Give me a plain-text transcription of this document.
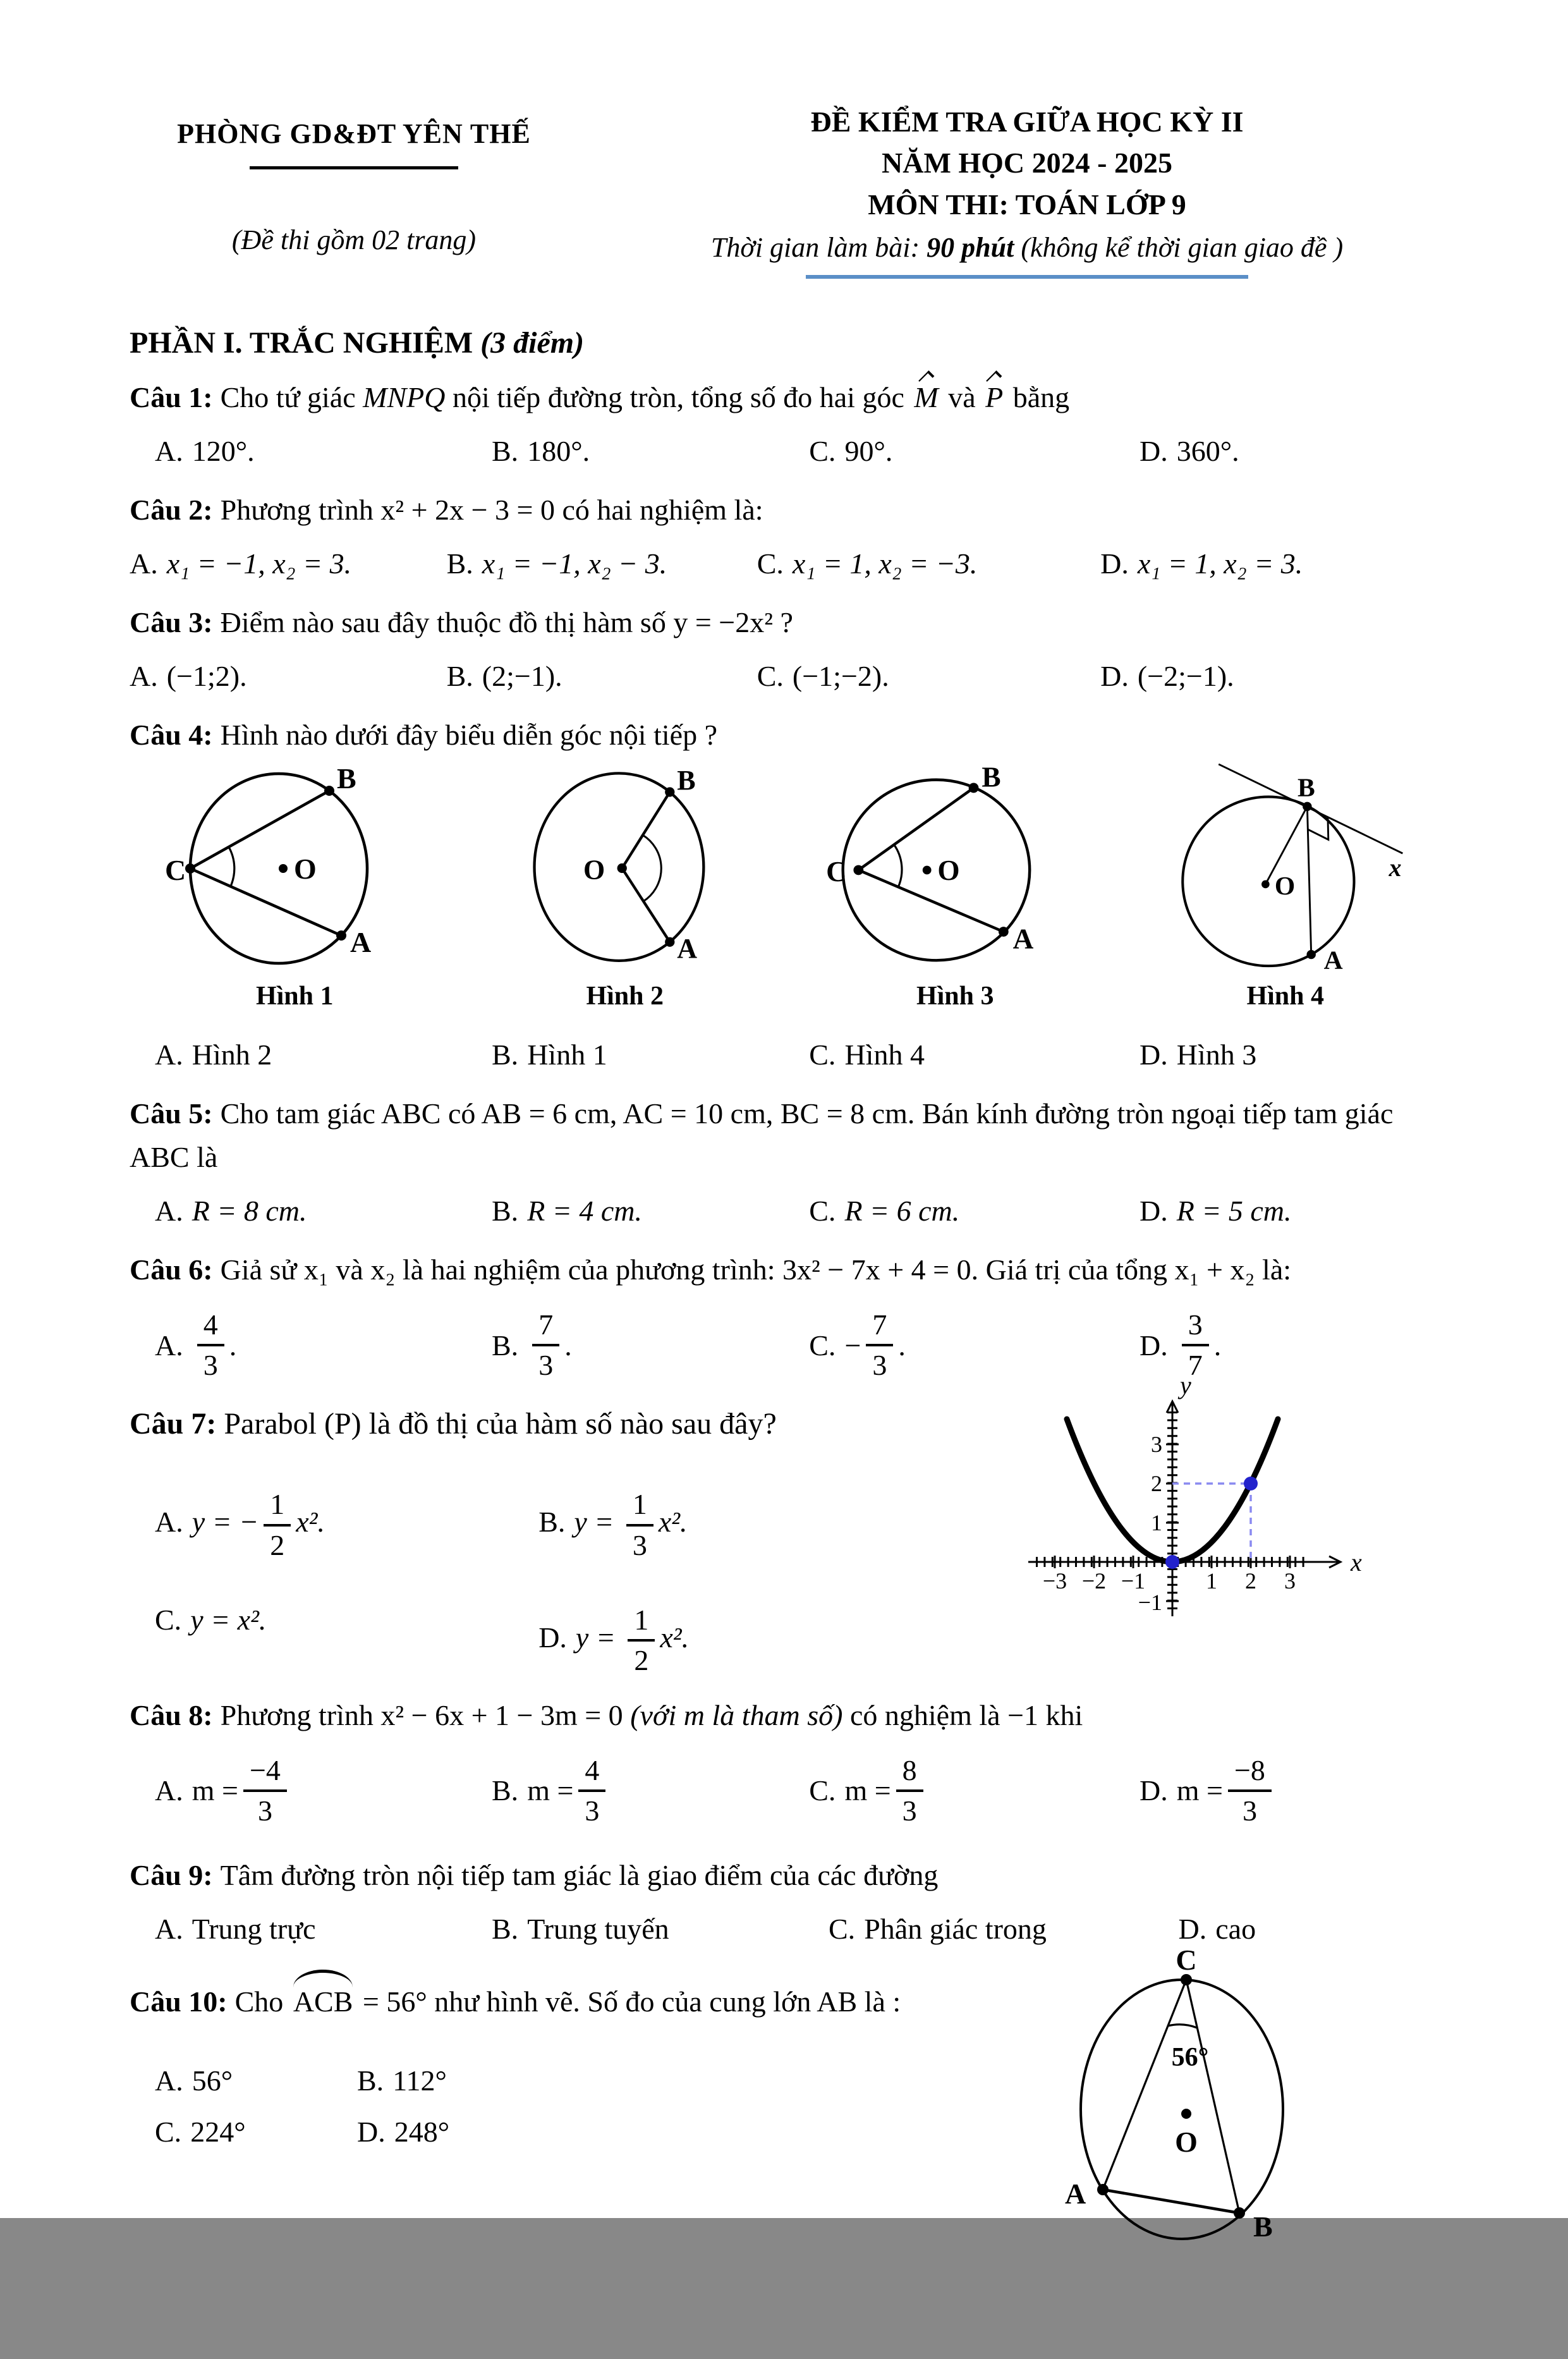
PHÒNG GD&ĐT YÊN THẾ
(Đề thi gồm 02 trang)
ĐỀ KIỂM TRA GIỮA HỌC KỲ II
NĂM HỌC 2024 - 2025
MÔN THI: TOÁN LỚP 9
Thời gian làm bài: 90 phút (không kể thời gian giao đề )
PHẦN I. TRẮC NGHIỆM (3 điểm)

Câu 1: Cho tứ giác MNPQ nội tiếp đường tròn, tổng số đo hai góc M và P bằng

A. 120°.	B. 180°.	C. 90°.	D. 360°.

Câu 2: Phương trình x² + 2x − 3 = 0 có hai nghiệm là:

A. x₁ = −1, x₂ = 3.	B. x₁ = −1, x₂ − 3.	C. x₁ = 1, x₂ = −3.	D. x₁ = 1, x₂ = 3.

Câu 3: Điểm nào sau đây thuộc đồ thị hàm số y = −2x² ?

A. (−1;2).	B. (2;−1).	C. (−1;−2).	D. (−2;−1).

Câu 4: Hình nào dưới đây biểu diễn góc nội tiếp ?

C
B
A
O
Hình 1
O
B
A
Hình 2
C
B
A
O
Hình 3
B
A
O
x
Hình 4
A. Hình 2	B. Hình 1	C. Hình 4	D. Hình 3

Câu 5: Cho tam giác ABC có AB = 6 cm, AC = 10 cm, BC = 8 cm. Bán kính đường tròn ngoại tiếp tam giác ABC là

A. R = 8 cm.	B. R = 4 cm.	C. R = 6 cm.	D. R = 5 cm.

Câu 6: Giả sử x₁ và x₂ là hai nghiệm của phương trình: 3x² − 7x + 4 = 0. Giá trị của tổng x₁ + x₂ là:

A. $\frac{4}{3}$ .	B. $\frac{7}{3}$ .	C. − $\frac{7}{3}$ .	D. $\frac{3}{7}$ .

Câu 7: Parabol (P) là đồ thị của hàm số nào sau đây?

A. y = − $\frac{1}{2} x^2$.	B. $y = \frac{1}{3} x^2$.
C. y = x².
D. $y = \frac{1}{2} x^2$.
−3 −2 −1	1 2 3
3
2
1
−1
x
y

Câu 8: Phương trình x² − 6x + 1 − 3m = 0 (với m là tham số) có nghiệm là −1 khi

A. $m = \frac{-4}{3}$	B. $m = \frac{4}{3}$	C. $m = \frac{8}{3}$	D. $m = \frac{-8}{3}$

Câu 9: Tâm đường tròn nội tiếp tam giác là giao điểm của các đường

A. Trung trực	B. Trung tuyến	C. Phân giác trong	D. cao

Câu 10: Cho ACB = 56° như hình vẽ. Số đo của cung lớn AB là :

A. 56°	B. 112°
C. 224°	D. 248°
C
A
B
O
56°
